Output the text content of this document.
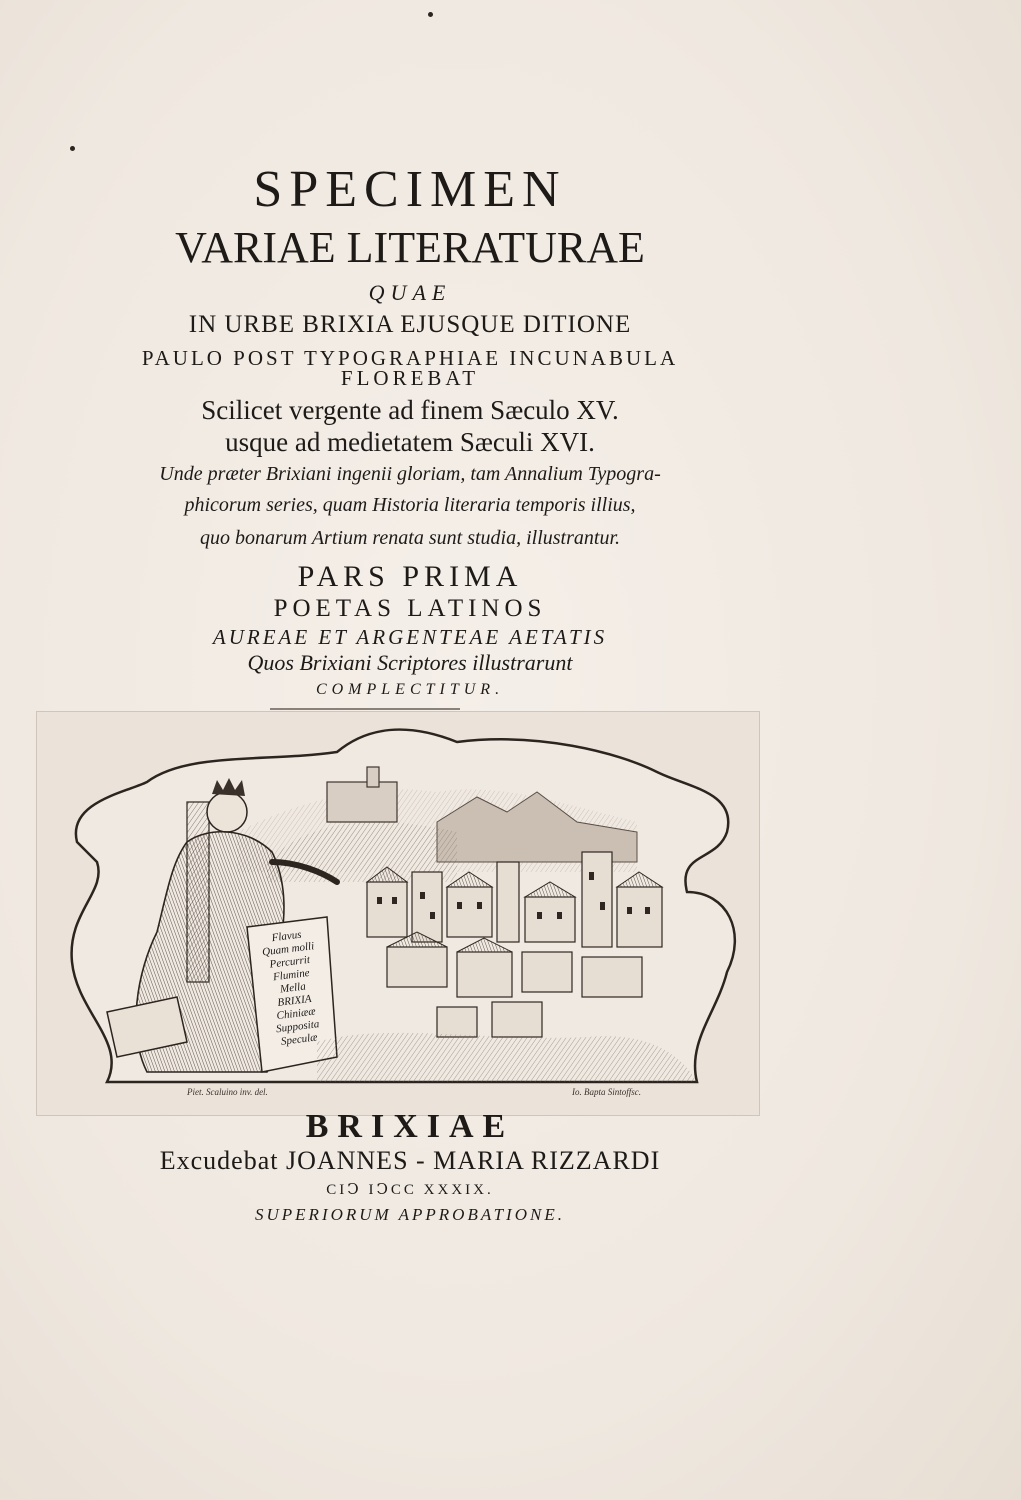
SPECIMEN
VARIAE LITERATURAE
QUAE
IN URBE BRIXIA EJUSQUE DITIONE
PAULO POST TYPOGRAPHIAE INCUNABULA
FLOREBAT
Scilicet vergente ad finem Sæculo XV.
usque ad medietatem Sæculi XVI.
Unde præter Brixiani ingenii gloriam, tam Annalium Typogra-
phicorum series, quam Historia literaria temporis illius,
quo bonarum Artium renata sunt studia, illustrantur.
PARS PRIMA
POETAS LATINOS
AUREAE ET ARGENTEAE AETATIS
Quos Brixiani Scriptores illustrarunt
COMPLECTITUR.
Flavus
Quam molli
Percurrit
Flumine
Mella
BRIXIA
Chiniææ
Supposita
Speculæ
Piet. Scaluino inv. del.	Io. Bapta Sintoffsc.
BRIXIAE
Excudebat JOANNES - MARIA RIZZARDI
CIↃ IↃCC XXXIX.
SUPERIORUM APPROBATIONE.
